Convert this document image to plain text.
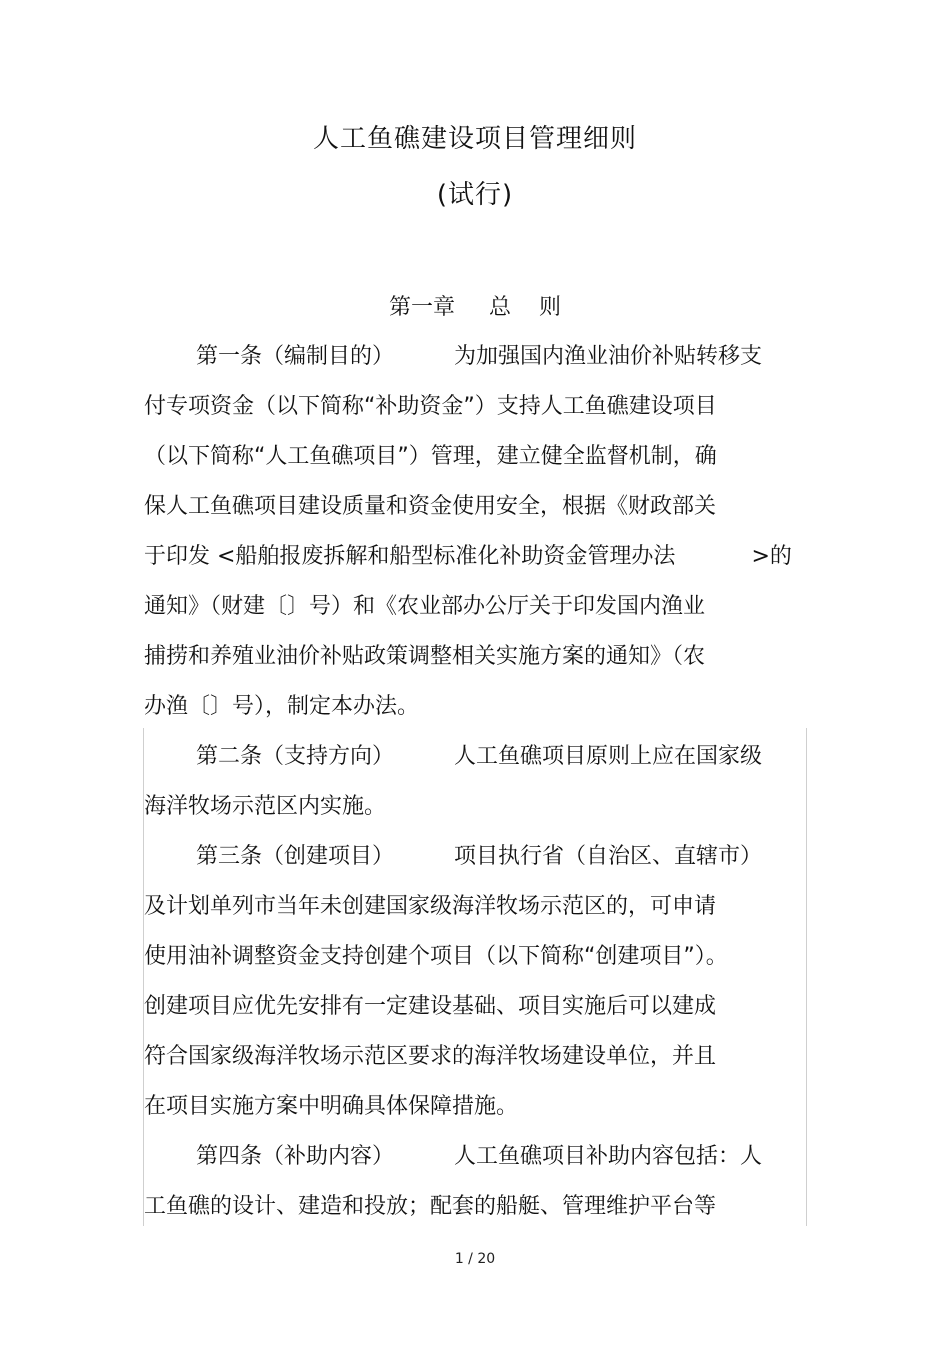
人工鱼礁建设项目管理细则
(试行)
第一章 总 则
第一条（编制目的）	为加强国内渔业油价补贴转移支
付专项资金（以下简称“补助资金”）支持人工鱼礁建设项目
（以下简称“人工鱼礁项目”）管理，建立健全监督机制，确
保人工鱼礁项目建设质量和资金使用安全，根据《财政部关
于印发 <船舶报废拆解和船型标准化补助资金管理办法	>的
通知》（财建〔〕号）和《农业部办公厅关于印发国内渔业
捕捞和养殖业油价补贴政策调整相关实施方案的通知》（农
办渔〔〕号），制定本办法。
第二条（支持方向）	人工鱼礁项目原则上应在国家级
海洋牧场示范区内实施。
第三条（创建项目）	项目执行省（自治区、直辖市）
及计划单列市当年未创建国家级海洋牧场示范区的，可申请
使用油补调整资金支持创建个项目（以下简称“创建项目”）。
创建项目应优先安排有一定建设基础、项目实施后可以建成
符合国家级海洋牧场示范区要求的海洋牧场建设单位，并且
在项目实施方案中明确具体保障措施。
第四条（补助内容）	人工鱼礁项目补助内容包括：人
工鱼礁的设计、建造和投放；配套的船艇、管理维护平台等
1 / 20
